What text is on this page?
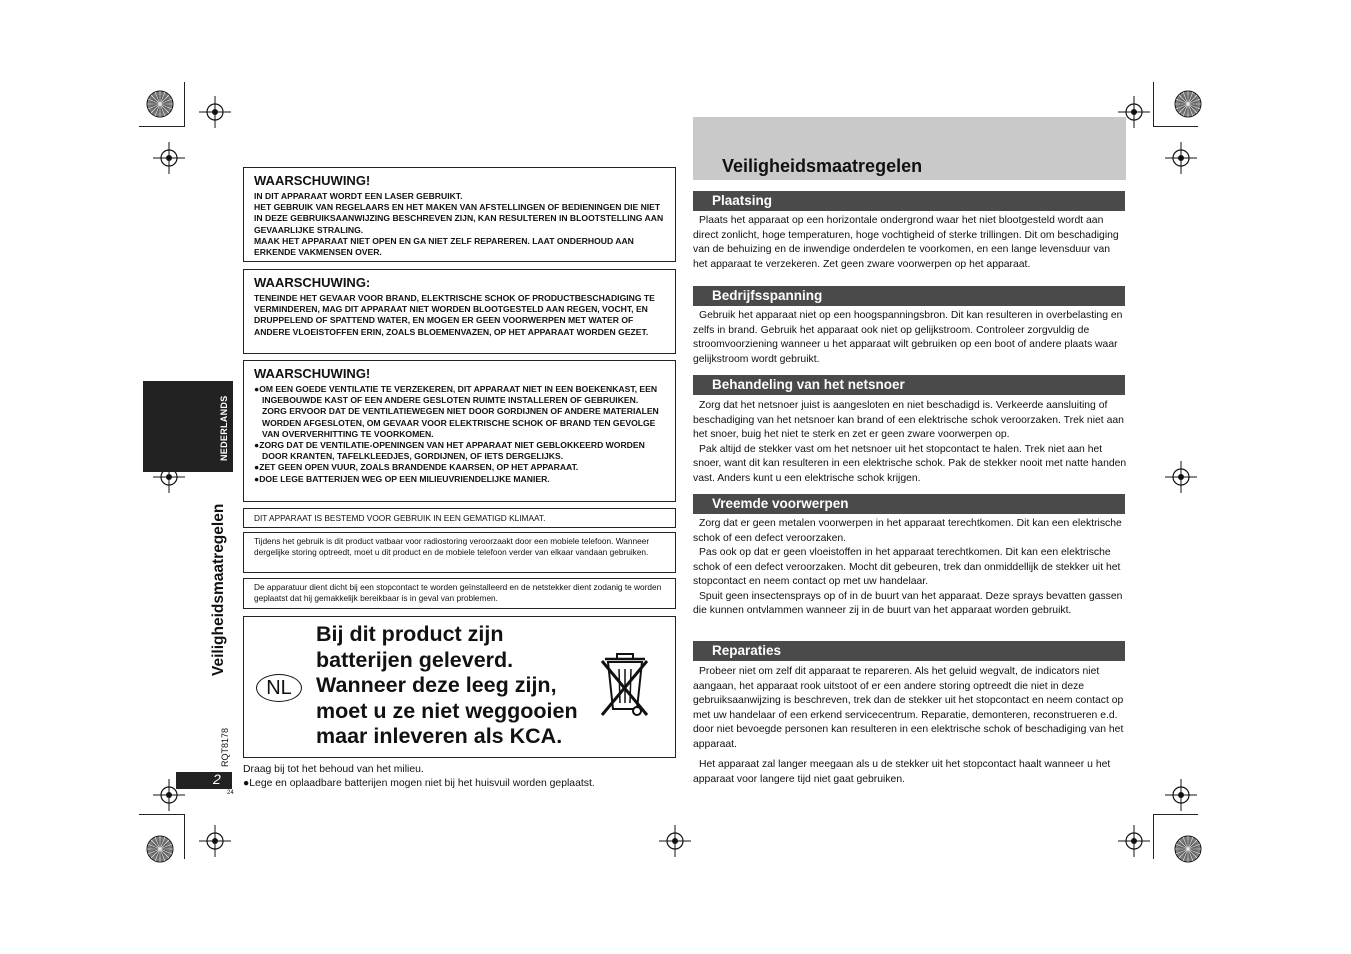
NEDERLANDS
Veiligheidsmaatregelen
RQT8178
2
24
WAARSCHUWING!
IN DIT APPARAAT WORDT EEN LASER GEBRUIKT.
HET GEBRUIK VAN REGELAARS EN HET MAKEN VAN AFSTELLINGEN OF BEDIENINGEN DIE NIET IN DEZE GEBRUIKSAANWIJZING BESCHREVEN ZIJN, KAN RESULTEREN IN BLOOTSTELLING AAN GEVAARLIJKE STRALING.
MAAK HET APPARAAT NIET OPEN EN GA NIET ZELF REPAREREN. LAAT ONDERHOUD AAN ERKENDE VAKMENSEN OVER.
WAARSCHUWING:
TENEINDE HET GEVAAR VOOR BRAND, ELEKTRISCHE SCHOK OF PRODUCTBESCHADIGING TE VERMINDEREN, MAG DIT APPARAAT NIET WORDEN BLOOTGESTELD AAN REGEN, VOCHT, EN DRUPPELEND OF SPATTEND WATER, EN MOGEN ER GEEN VOORWERPEN MET WATER OF ANDERE VLOEISTOFFEN ERIN, ZOALS BLOEMENVAZEN, OP HET APPARAAT WORDEN GEZET.
WAARSCHUWING!
●OM EEN GOEDE VENTILATIE TE VERZEKEREN, DIT APPARAAT NIET IN EEN BOEKENKAST, EEN INGEBOUWDE KAST OF EEN ANDERE GESLOTEN RUIMTE INSTALLEREN OF GEBRUIKEN. ZORG ERVOOR DAT DE VENTILATIEWEGEN NIET DOOR GORDIJNEN OF ANDERE MATERIALEN WORDEN AFGESLOTEN, OM GEVAAR VOOR ELEKTRISCHE SCHOK OF BRAND TEN GEVOLGE VAN OVERVERHITTING TE VOORKOMEN.
●ZORG DAT DE VENTILATIE-OPENINGEN VAN HET APPARAAT NIET GEBLOKKEERD WORDEN DOOR KRANTEN, TAFELKLEEDJES, GORDIJNEN, OF IETS DERGELIJKS.
●ZET GEEN OPEN VUUR, ZOALS BRANDENDE KAARSEN, OP HET APPARAAT.
●DOE LEGE BATTERIJEN WEG OP EEN MILIEUVRIENDELIJKE MANIER.
DIT APPARAAT IS BESTEMD VOOR GEBRUIK IN EEN GEMATIGD KLIMAAT.
Tijdens het gebruik is dit product vatbaar voor radiostoring veroorzaakt door een mobiele telefoon. Wanneer dergelijke storing optreedt, moet u dit product en de mobiele telefoon verder van elkaar vandaan gebruiken.
De apparatuur dient dicht bij een stopcontact te worden geïnstalleerd en de netstekker dient zodanig te worden geplaatst dat hij gemakkelijk bereikbaar is in geval van problemen.
NL
Bij dit product zijn
batterijen geleverd.
Wanneer deze leeg zijn,
moet u ze niet weggooien
maar inleveren als KCA.
Draag bij tot het behoud van het milieu.
●Lege en oplaadbare batterijen mogen niet bij het huisvuil worden geplaatst.
Veiligheidsmaatregelen
Plaatsing

Plaats het apparaat op een horizontale ondergrond waar het niet blootgesteld wordt aan direct zonlicht, hoge temperaturen, hoge vochtigheid of sterke trillingen. Dit om beschadiging van de behuizing en de inwendige onderdelen te voorkomen, en een lange levensduur van het apparaat te verzekeren. Zet geen zware voorwerpen op het apparaat.

Bedrijfsspanning

Gebruik het apparaat niet op een hoogspanningsbron. Dit kan resulteren in overbelasting en zelfs in brand. Gebruik het apparaat ook niet op gelijkstroom. Controleer zorgvuldig de stroomvoorziening wanneer u het apparaat wilt gebruiken op een boot of andere plaats waar gelijkstroom wordt gebruikt.

Behandeling van het netsnoer

Zorg dat het netsnoer juist is aangesloten en niet beschadigd is. Verkeerde aansluiting of beschadiging van het netsnoer kan brand of een elektrische schok veroorzaken. Trek niet aan het snoer, buig het niet te sterk en zet er geen zware voorwerpen op.

Pak altijd de stekker vast om het netsnoer uit het stopcontact te halen. Trek niet aan het snoer, want dit kan resulteren in een elektrische schok. Pak de stekker nooit met natte handen vast. Anders kunt u een elektrische schok krijgen.

Vreemde voorwerpen

Zorg dat er geen metalen voorwerpen in het apparaat terechtkomen. Dit kan een elektrische schok of een defect veroorzaken.

Pas ook op dat er geen vloeistoffen in het apparaat terechtkomen. Dit kan een elektrische schok of een defect veroorzaken. Mocht dit gebeuren, trek dan onmiddellijk de stekker uit het stopcontact en neem contact op met uw handelaar.

Spuit geen insectensprays op of in de buurt van het apparaat. Deze sprays bevatten gassen die kunnen ontvlammen wanneer zij in de buurt van het apparaat worden gebruikt.

Reparaties

Probeer niet om zelf dit apparaat te repareren. Als het geluid wegvalt, de indicators niet aangaan, het apparaat rook uitstoot of er een andere storing optreedt die niet in deze gebruiksaanwijzing is beschreven, trek dan de stekker uit het stopcontact en neem contact op met uw handelaar of een erkend servicecentrum. Reparatie, demonteren, reconstrueren e.d. door niet bevoegde personen kan resulteren in een elektrische schok of beschadiging van het apparaat.

Het apparaat zal langer meegaan als u de stekker uit het stopcontact haalt wanneer u het apparaat voor langere tijd niet gaat gebruiken.
